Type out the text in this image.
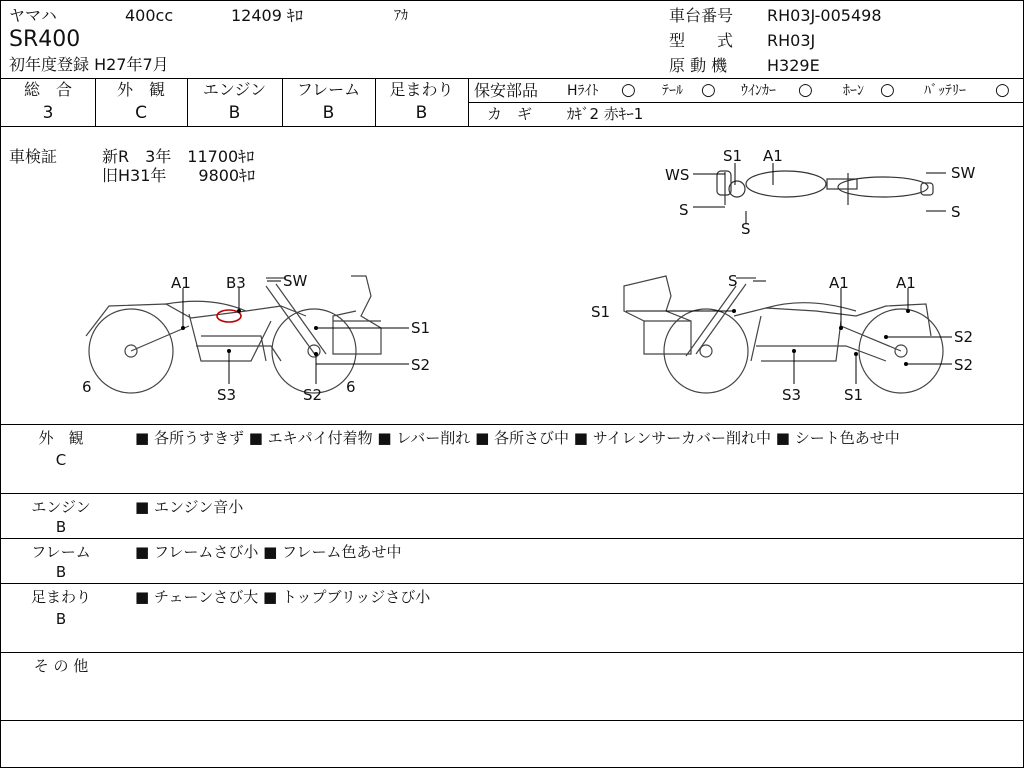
ヤマハ	400cc	12409 ｷﾛ	ｱｶ
SR400
初年度登録 H27年7月
車台番号 RH03J-005498
型　　式 RH03J
原 動 機 H329E
総　合
3
外　観
C
エンジン
B
フレーム
B
足まわり
B
保安部品 Hﾗｲﾄ ○ ﾃｰﾙ ○ ｳｲﾝｶｰ ○ ﾎｰﾝ ○ ﾊﾞｯﾃﾘｰ ○
カ　ギ ｶｷﾞ2 赤ｷｰ1
車検証	新R　3年　11700ｷﾛ
旧H31年　　9800ｷﾛ
S1 A1
WS	SW
S
S
S
A1 B3 SW
S1
S2
S3	S2
6	6
S
S1
A1	A1
S2
S2
S3	S1
外　観
C
■ 各所うすきず ■ エキパイ付着物 ■ レバー削れ ■ 各所さび中 ■ サイレンサーカバー削れ中 ■ シート色あせ中
エンジン
B
■ エンジン音小
フレーム
B
■ フレームさび小 ■ フレーム色あせ中
足まわり
B
■ チェーンさび大 ■ トップブリッジさび小
そ の 他
